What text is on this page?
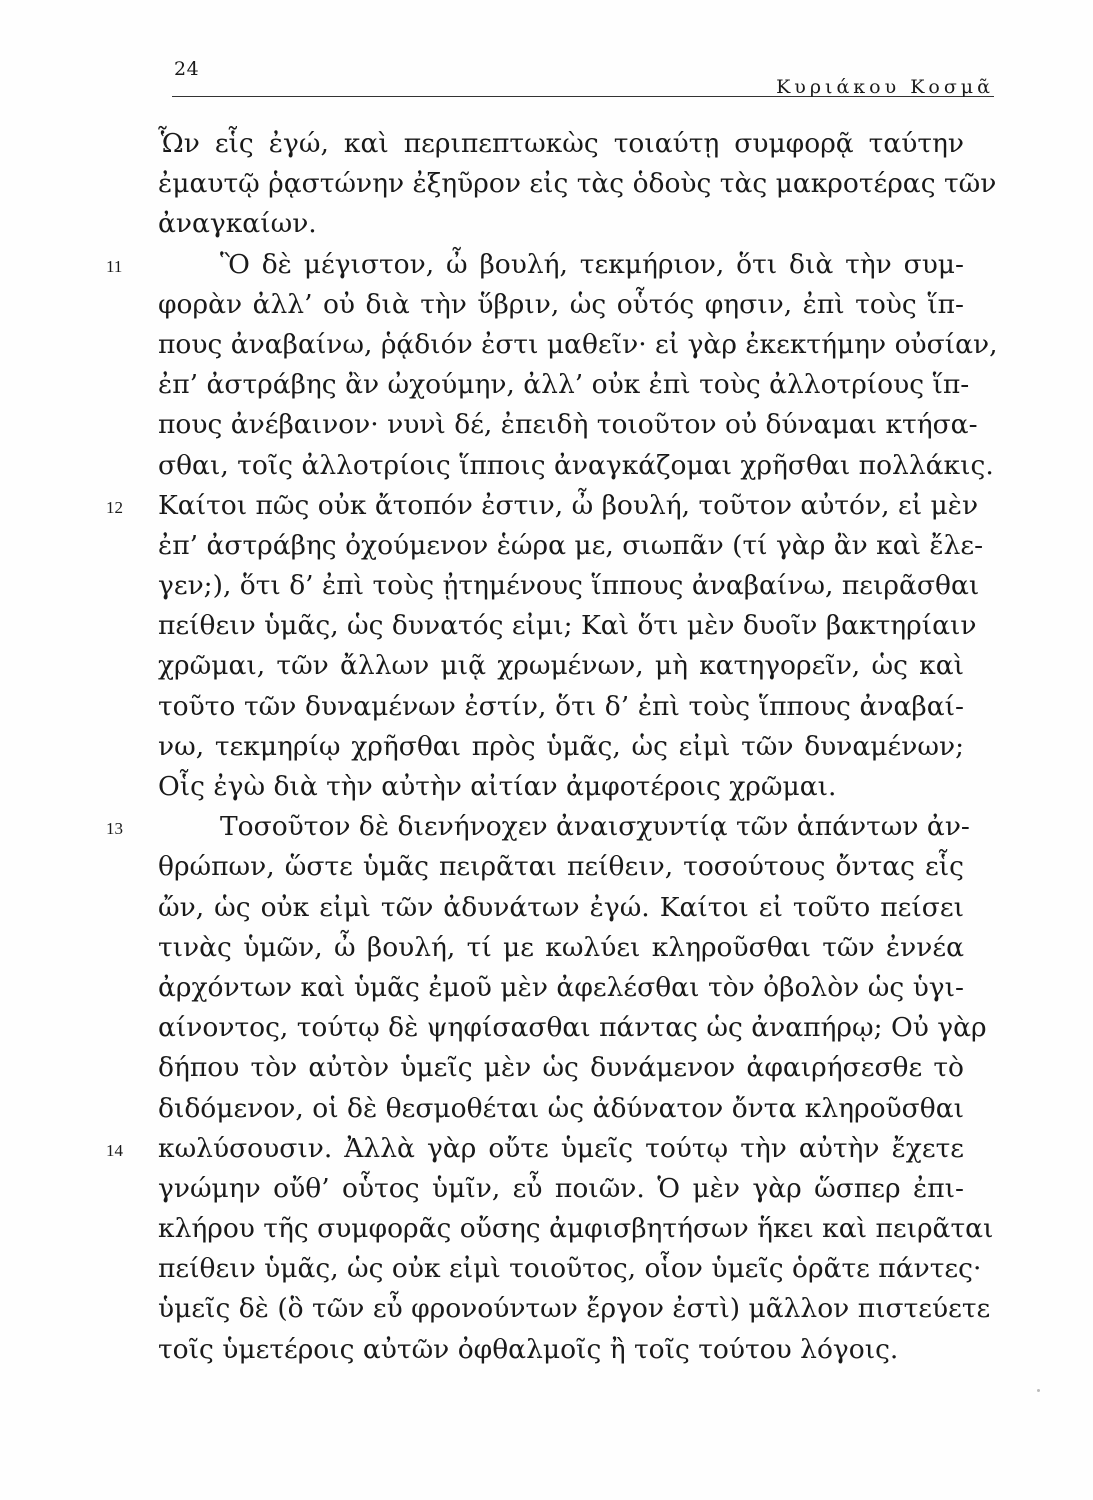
24
Κυριάκου Κοσμᾶ
Ὧν εἷς ἐγώ, καὶ περιπεπτωκὼς τοιαύτῃ συμφορᾷ ταύτην
ἐμαυτῷ ῥᾳστώνην ἐξηῦρον εἰς τὰς ὁδοὺς τὰς μακροτέρας τῶν
ἀναγκαίων.
11	Ὃ δὲ μέγιστον, ὦ βουλή, τεκμήριον, ὅτι διὰ τὴν συμ-
φορὰν ἀλλ’ οὐ διὰ τὴν ὕβριν, ὡς οὗτός φησιν, ἐπὶ τοὺς ἵπ-
πους ἀναβαίνω, ῥᾴδιόν ἐστι μαθεῖν· εἰ γὰρ ἐκεκτήμην οὐσίαν,
ἐπ’ ἀστράβης ἂν ὠχούμην, ἀλλ’ οὐκ ἐπὶ τοὺς ἀλλοτρίους ἵπ-
πους ἀνέβαινον· νυνὶ δέ, ἐπειδὴ τοιοῦτον οὐ δύναμαι κτήσα-
σθαι, τοῖς ἀλλοτρίοις ἵπποις ἀναγκάζομαι χρῆσθαι πολλάκις.
12 Καίτοι πῶς οὐκ ἄτοπόν ἐστιν, ὦ βουλή, τοῦτον αὐτόν, εἰ μὲν
ἐπ’ ἀστράβης ὀχούμενον ἑώρα με, σιωπᾶν (τί γὰρ ἂν καὶ ἔλε-
γεν;), ὅτι δ’ ἐπὶ τοὺς ᾐτημένους ἵππους ἀναβαίνω, πειρᾶσθαι
πείθειν ὑμᾶς, ὡς δυνατός εἰμι; Καὶ ὅτι μὲν δυοῖν βακτηρίαιν
χρῶμαι, τῶν ἄλλων μιᾷ χρωμένων, μὴ κατηγορεῖν, ὡς καὶ
τοῦτο τῶν δυναμένων ἐστίν, ὅτι δ’ ἐπὶ τοὺς ἵππους ἀναβαί-
νω, τεκμηρίῳ χρῆσθαι πρὸς ὑμᾶς, ὡς εἰμὶ τῶν δυναμένων;
Οἷς ἐγὼ διὰ τὴν αὐτὴν αἰτίαν ἀμφοτέροις χρῶμαι.
13	Τοσοῦτον δὲ διενήνοχεν ἀναισχυντίᾳ τῶν ἁπάντων ἀν-
θρώπων, ὥστε ὑμᾶς πειρᾶται πείθειν, τοσούτους ὄντας εἷς
ὤν, ὡς οὐκ εἰμὶ τῶν ἀδυνάτων ἐγώ. Καίτοι εἰ τοῦτο πείσει
τινὰς ὑμῶν, ὦ βουλή, τί με κωλύει κληροῦσθαι τῶν ἐννέα
ἀρχόντων καὶ ὑμᾶς ἐμοῦ μὲν ἀφελέσθαι τὸν ὀβολὸν ὡς ὑγι-
αίνοντος, τούτῳ δὲ ψηφίσασθαι πάντας ὡς ἀναπήρῳ; Οὐ γὰρ
δήπου τὸν αὐτὸν ὑμεῖς μὲν ὡς δυνάμενον ἀφαιρήσεσθε τὸ
διδόμενον, οἱ δὲ θεσμοθέται ὡς ἀδύνατον ὄντα κληροῦσθαι
14 κωλύσουσιν. Ἀλλὰ γὰρ οὔτε ὑμεῖς τούτῳ τὴν αὐτὴν ἔχετε
γνώμην οὔθ’ οὗτος ὑμῖν, εὖ ποιῶν. Ὁ μὲν γὰρ ὥσπερ ἐπι-
κλήρου τῆς συμφορᾶς οὔσης ἀμφισβητήσων ἥκει καὶ πειρᾶται
πείθειν ὑμᾶς, ὡς οὐκ εἰμὶ τοιοῦτος, οἷον ὑμεῖς ὁρᾶτε πάντες·
ὑμεῖς δὲ (ὃ τῶν εὖ φρονούντων ἔργον ἐστὶ) μᾶλλον πιστεύετε
τοῖς ὑμετέροις αὐτῶν ὀφθαλμοῖς ἢ τοῖς τούτου λόγοις.
